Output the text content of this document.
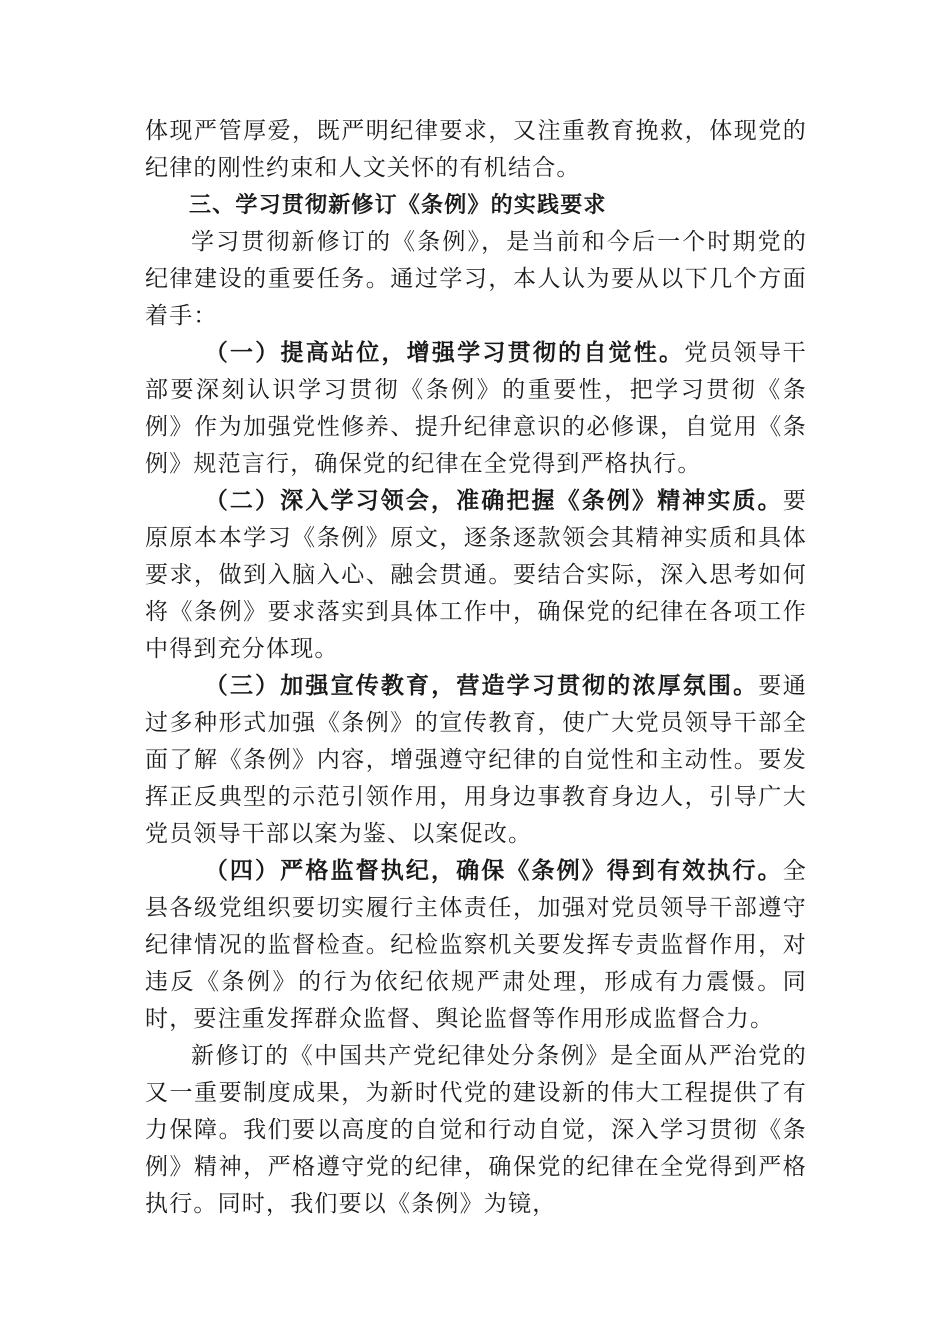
体现严管厚爱，既严明纪律要求，又注重教育挽救，体现党的纪律的刚性约束和人文关怀的有机结合。

三、学习贯彻新修订《条例》的实践要求

学习贯彻新修订的《条例》，是当前和今后一个时期党的纪律建设的重要任务。通过学习，本人认为要从以下几个方面着手：

（一）提高站位，增强学习贯彻的自觉性。党员领导干部要深刻认识学习贯彻《条例》的重要性，把学习贯彻《条例》作为加强党性修养、提升纪律意识的必修课，自觉用《条例》规范言行，确保党的纪律在全党得到严格执行。

（二）深入学习领会，准确把握《条例》精神实质。要原原本本学习《条例》原文，逐条逐款领会其精神实质和具体要求，做到入脑入心、融会贯通。要结合实际，深入思考如何将《条例》要求落实到具体工作中，确保党的纪律在各项工作中得到充分体现。

（三）加强宣传教育，营造学习贯彻的浓厚氛围。要通过多种形式加强《条例》的宣传教育，使广大党员领导干部全面了解《条例》内容，增强遵守纪律的自觉性和主动性。要发挥正反典型的示范引领作用，用身边事教育身边人，引导广大党员领导干部以案为鉴、以案促改。

（四）严格监督执纪，确保《条例》得到有效执行。全县各级党组织要切实履行主体责任，加强对党员领导干部遵守纪律情况的监督检查。纪检监察机关要发挥专责监督作用，对违反《条例》的行为依纪依规严肃处理，形成有力震慑。同时，要注重发挥群众监督、舆论监督等作用形成监督合力。

新修订的《中国共产党纪律处分条例》是全面从严治党的又一重要制度成果，为新时代党的建设新的伟大工程提供了有力保障。我们要以高度的自觉和行动自觉，深入学习贯彻《条例》精神，严格遵守党的纪律，确保党的纪律在全党得到严格执行。同时，我们要以《条例》为镜，
